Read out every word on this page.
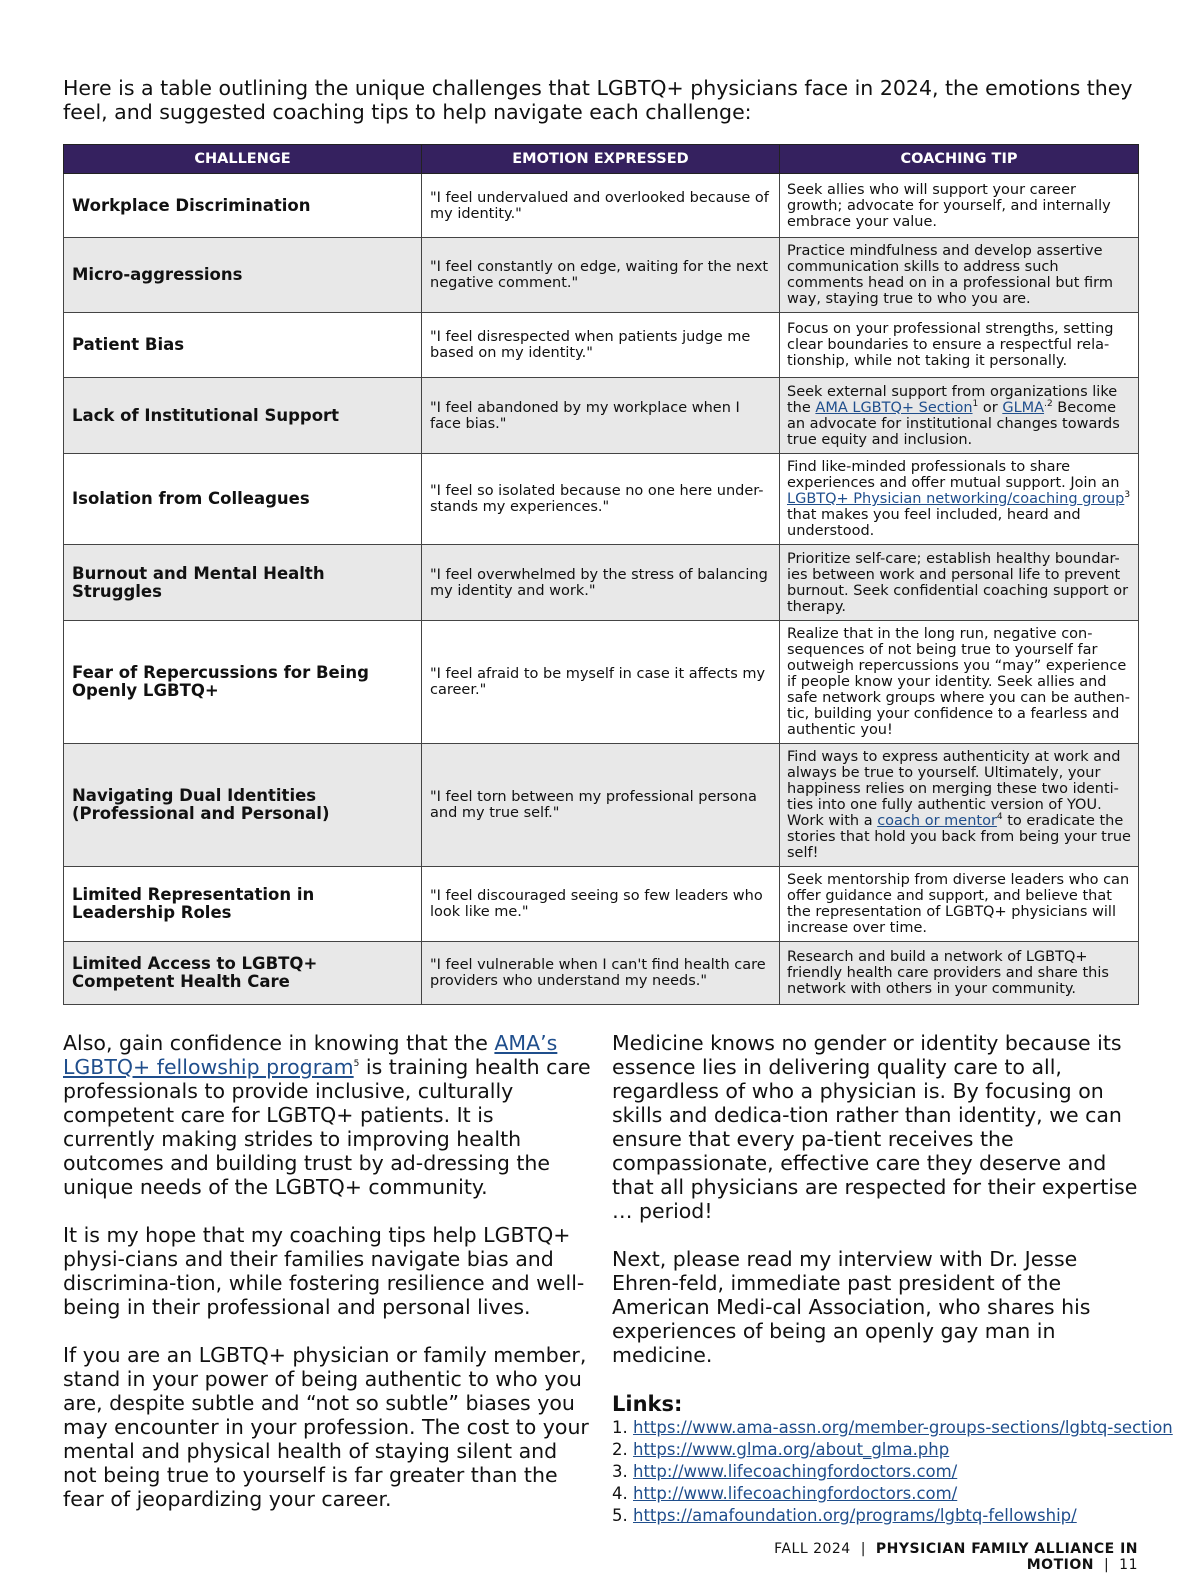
Here is a table outlining the unique challenges that LGBTQ+ physicians face in 2024, the emotions they feel, and suggested coaching tips to help navigate each challenge:

CHALLENGE	EMOTION EXPRESSED	COACHING TIP
Workplace Discrimination	"I feel undervalued and overlooked because of my identity."	Seek allies who will support your career growth; advocate for yourself, and internally embrace your value.
Micro-aggressions	"I feel constantly on edge, waiting for the next negative comment."	Practice mindfulness and develop assertive communication skills to address such comments head on in a professional but firm way, staying true to who you are.
Patient Bias	"I feel disrespected when patients judge me based on my identity."	Focus on your professional strengths, setting clear boundaries to ensure a respectful rela-tionship, while not taking it personally.
Lack of Institutional Support	"I feel abandoned by my workplace when I face bias."	Seek external support from organizations like the AMA LGBTQ+ Section$^1$ or $GLMA^{.2}$ Become an advocate for institutional changes towards true equity and inclusion.
Isolation from Colleagues	"I feel so isolated because no one here under-stands my experiences."	Find like-minded professionals to share experiences and offer mutual support. Join an LGBTQ+ Physician networking/coaching group$^3$ that makes you feel included, heard and understood.
Burnout and Mental Health Struggles	"I feel overwhelmed by the stress of balancing my identity and work."	Prioritize self-care; establish healthy boundar-ies between work and personal life to prevent burnout. Seek confidential coaching support or therapy.
Fear of Repercussions for Being Openly LGBTQ+	"I feel afraid to be myself in case it affects my career."	Realize that in the long run, negative con-sequences of not being true to yourself far outweigh repercussions you “may” experience if people know your identity. Seek allies and safe network groups where you can be authen-tic, building your confidence to a fearless and authentic you!
Navigating Dual Identities (Professional and Personal)	"I feel torn between my professional persona and my true self."	Find ways to express authenticity at work and always be true to yourself. Ultimately, your happiness relies on merging these two identi-ties into one fully authentic version of YOU. Work with a coach or mentor$^4$ to eradicate the stories that hold you back from being your true self!
Limited Representation in Leadership Roles	"I feel discouraged seeing so few leaders who look like me."	Seek mentorship from diverse leaders who can offer guidance and support, and believe that the representation of LGBTQ+ physicians will increase over time.
Limited Access to LGBTQ+ Competent Health Care	"I feel vulnerable when I can't find health care providers who understand my needs."	Research and build a network of LGBTQ+ friendly health care providers and share this network with others in your community.

Also, gain confidence in knowing that the AMA’s LGBTQ+ fellowship program$^5$ is training health care professionals to provide inclusive, culturally competent care for LGBTQ+ patients. It is currently making strides to improving health outcomes and building trust by ad-dressing the unique needs of the LGBTQ+ community.

It is my hope that my coaching tips help LGBTQ+ physi-cians and their families navigate bias and discrimina-tion, while fostering resilience and well-being in their professional and personal lives.

If you are an LGBTQ+ physician or family member, stand in your power of being authentic to who you are, despite subtle and “not so subtle” biases you may encounter in your profession. The cost to your mental and physical health of staying silent and not being true to yourself is far greater than the fear of jeopardizing your career.

Medicine knows no gender or identity because its essence lies in delivering quality care to all, regardless of who a physician is. By focusing on skills and dedica-tion rather than identity, we can ensure that every pa-tient receives the compassionate, effective care they deserve and that all physicians are respected for their expertise … period!

Next, please read my interview with Dr. Jesse Ehren-feld, immediate past president of the American Medi-cal Association, who shares his experiences of being an openly gay man in medicine.

Links:
1. https://www.ama-assn.org/member-groups-sections/lgbtq-section
2. https://www.glma.org/about_glma.php
3. http://www.lifecoachingfordoctors.com/
4. http://www.lifecoachingfordoctors.com/
5. https://amafoundation.org/programs/lgbtq-fellowship/
FALL 2024 | PHYSICIAN FAMILY ALLIANCE IN MOTION | 11
